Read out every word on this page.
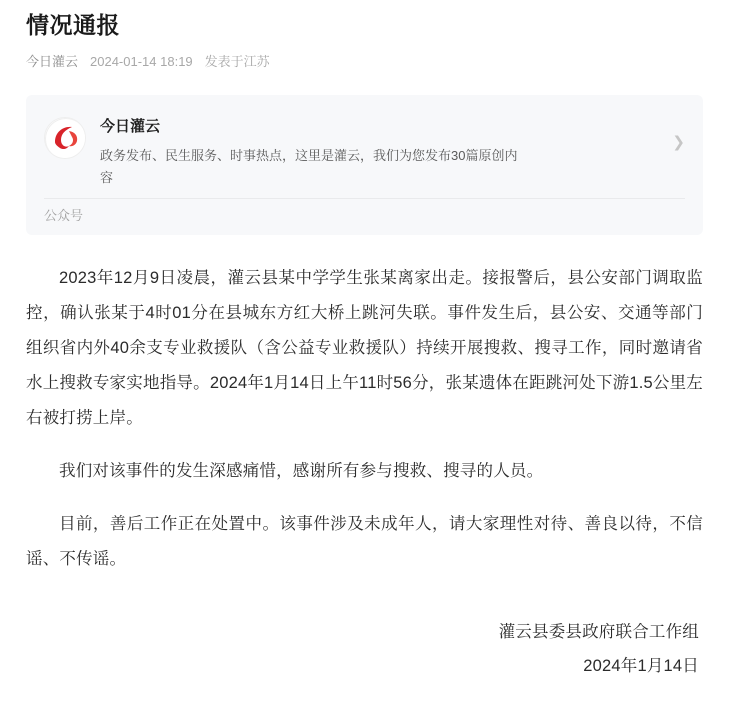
情况通报
今日灌云 2024-01-14 18:19 发表于江苏
今日灌云
政务发布、民生服务、时事热点，这里是灌云，我们为您发布30篇原创内容
❯
公众号

2023年12月9日凌晨，灌云县某中学学生张某离家出走。接报警后，县公安部门调取监控，确认张某于4时01分在县城东方红大桥上跳河失联。事件发生后，县公安、交通等部门组织省内外40余支专业救援队（含公益专业救援队）持续开展搜救、搜寻工作，同时邀请省水上搜救专家实地指导。2024年1月14日上午11时56分，张某遗体在距跳河处下游1.5公里左右被打捞上岸。

我们对该事件的发生深感痛惜，感谢所有参与搜救、搜寻的人员。

目前，善后工作正在处置中。该事件涉及未成年人，请大家理性对待、善良以待，不信谣、不传谣。

灌云县委县政府联合工作组
2024年1月14日
